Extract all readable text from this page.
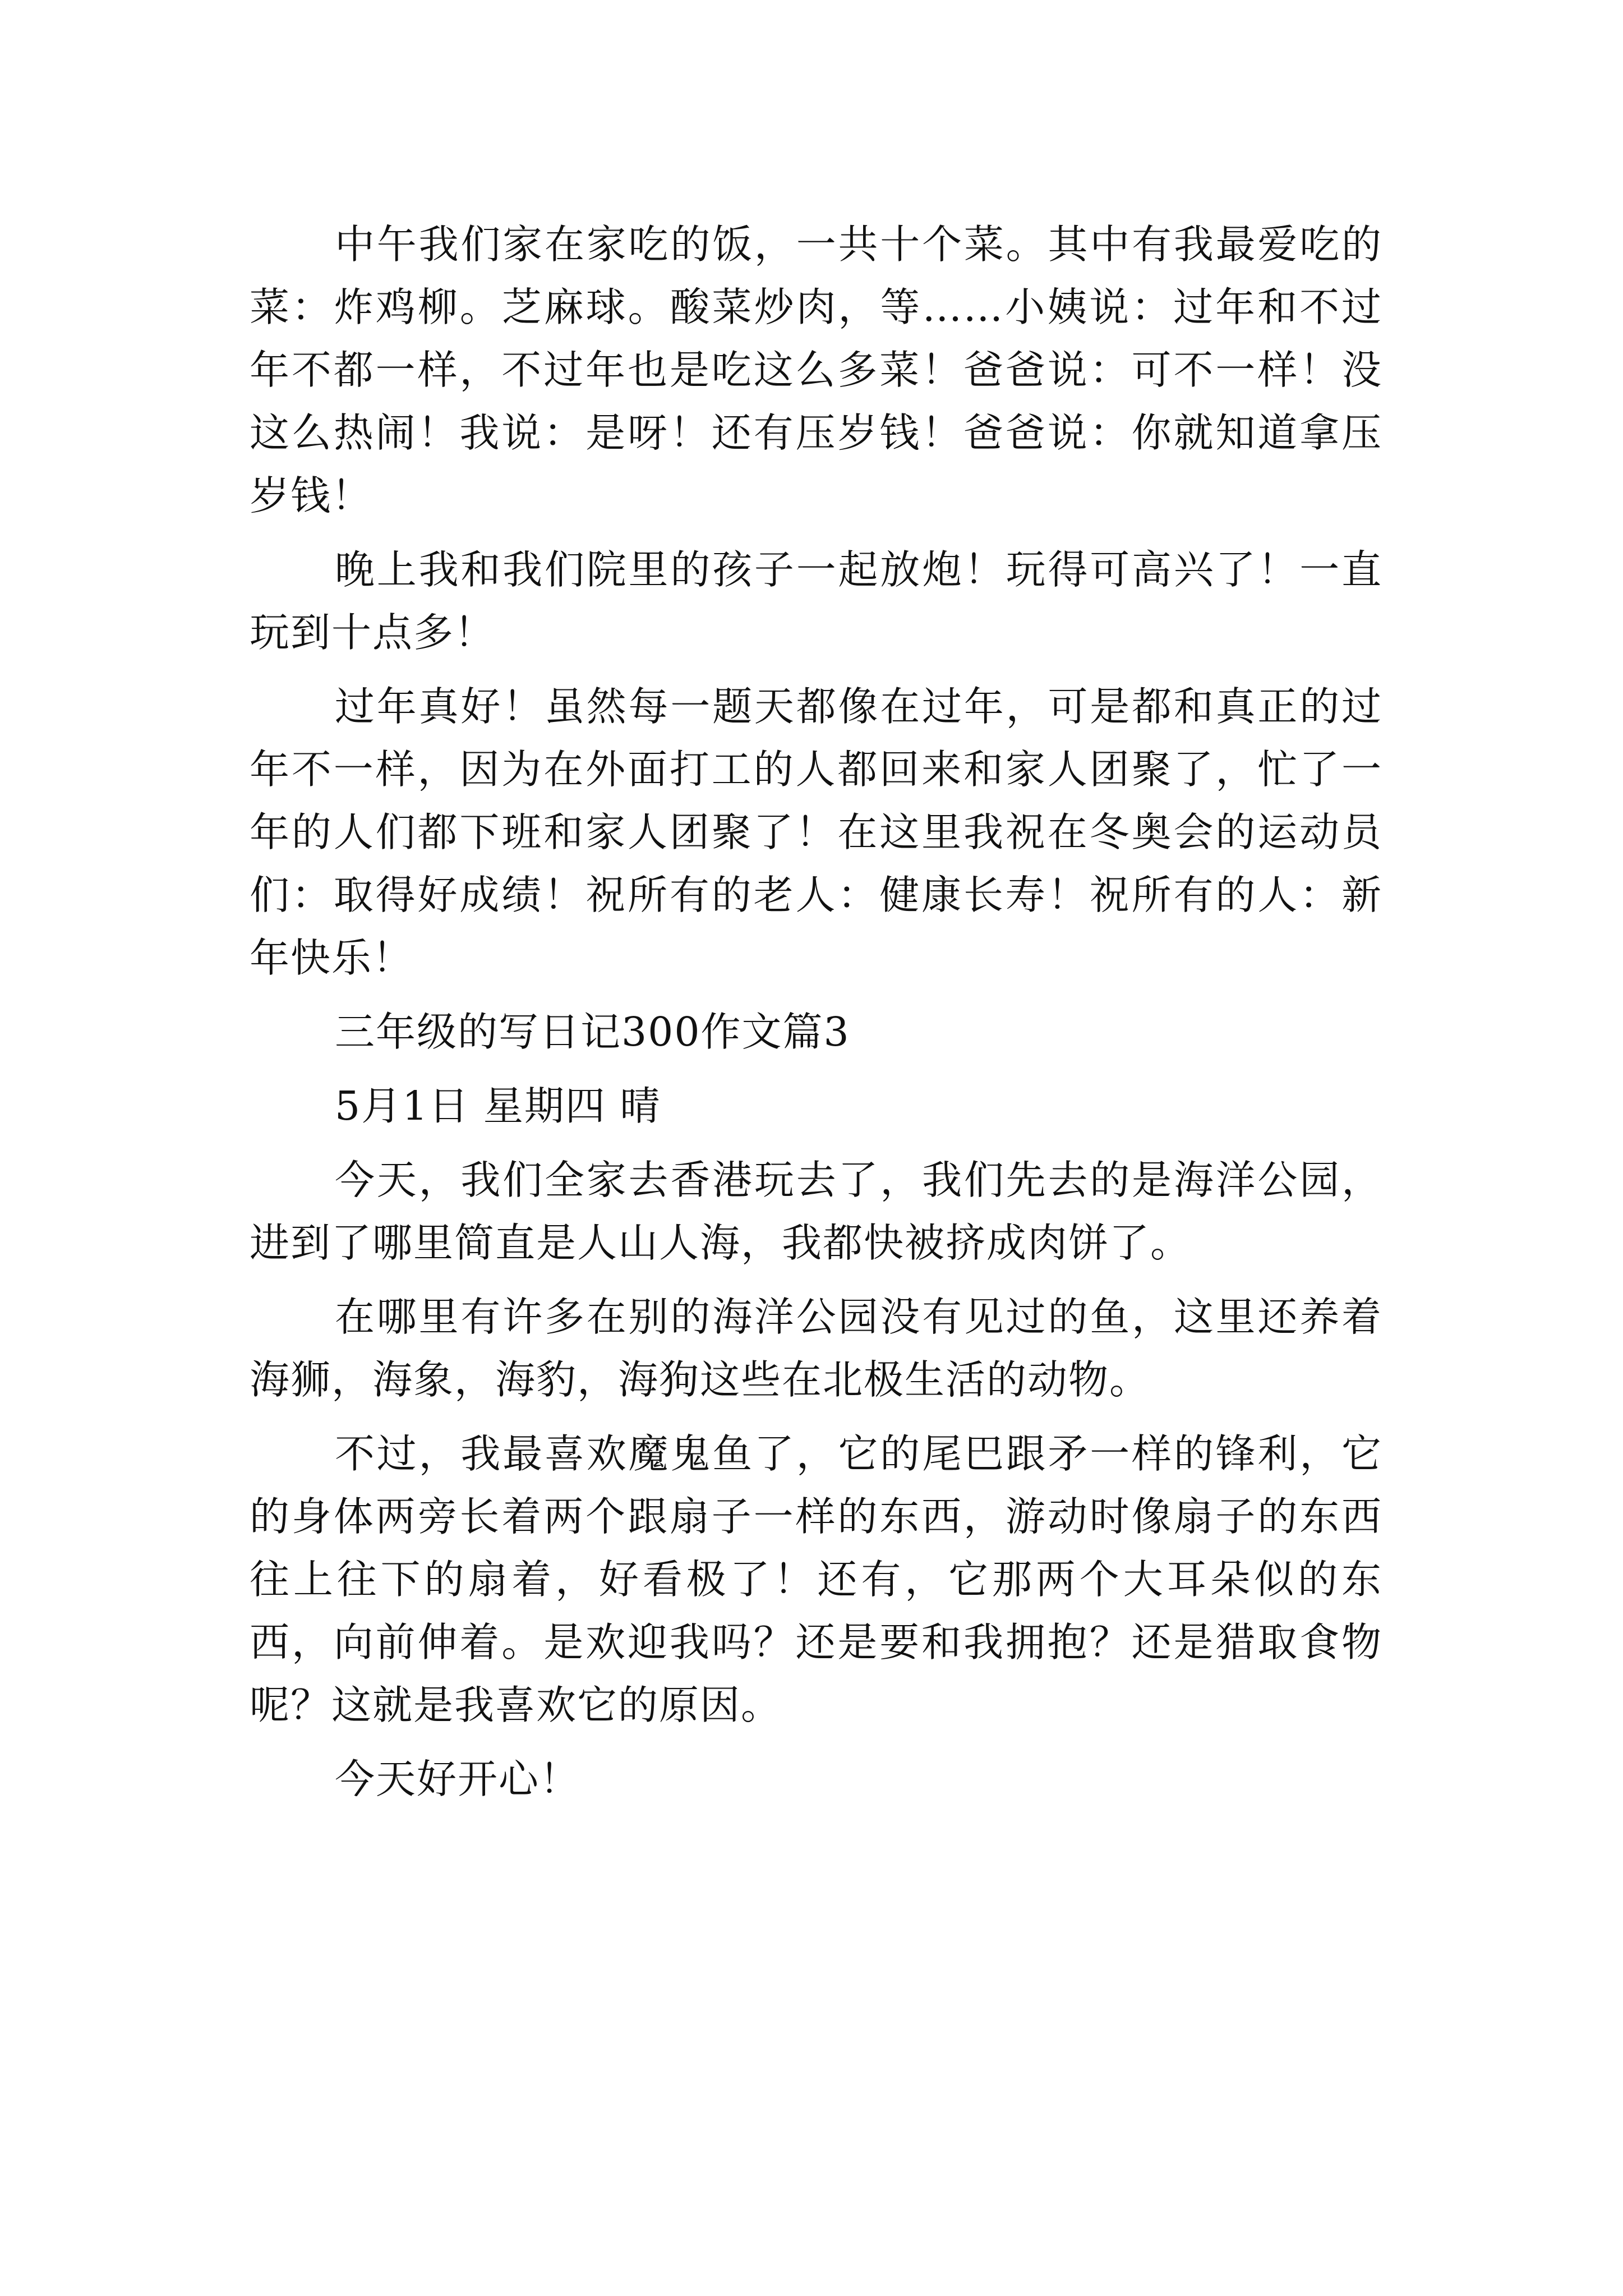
中午我们家在家吃的饭，一共十个菜。其中有我最爱吃的菜：炸鸡柳。芝麻球。酸菜炒肉，等……小姨说：过年和不过年不都一样，不过年也是吃这么多菜！爸爸说：可不一样！没这么热闹！我说：是呀！还有压岁钱！爸爸说：你就知道拿压岁钱！

晚上我和我们院里的孩子一起放炮！玩得可高兴了！一直玩到十点多！

过年真好！虽然每一题天都像在过年，可是都和真正的过年不一样，因为在外面打工的人都回来和家人团聚了，忙了一年的人们都下班和家人团聚了！在这里我祝在冬奥会的运动员们：取得好成绩！祝所有的老人：健康长寿！祝所有的人：新年快乐！

三年级的写日记300作文篇3

5月1日 星期四 晴

今天，我们全家去香港玩去了，我们先去的是海洋公园，进到了哪里简直是人山人海，我都快被挤成肉饼了。

在哪里有许多在别的海洋公园没有见过的鱼，这里还养着海狮，海象，海豹，海狗这些在北极生活的动物。

不过，我最喜欢魔鬼鱼了，它的尾巴跟矛一样的锋利，它的身体两旁长着两个跟扇子一样的东西，游动时像扇子的东西往上往下的扇着，好看极了！还有，它那两个大耳朵似的东西，向前伸着。是欢迎我吗？还是要和我拥抱？还是猎取食物呢？这就是我喜欢它的原因。

今天好开心！
